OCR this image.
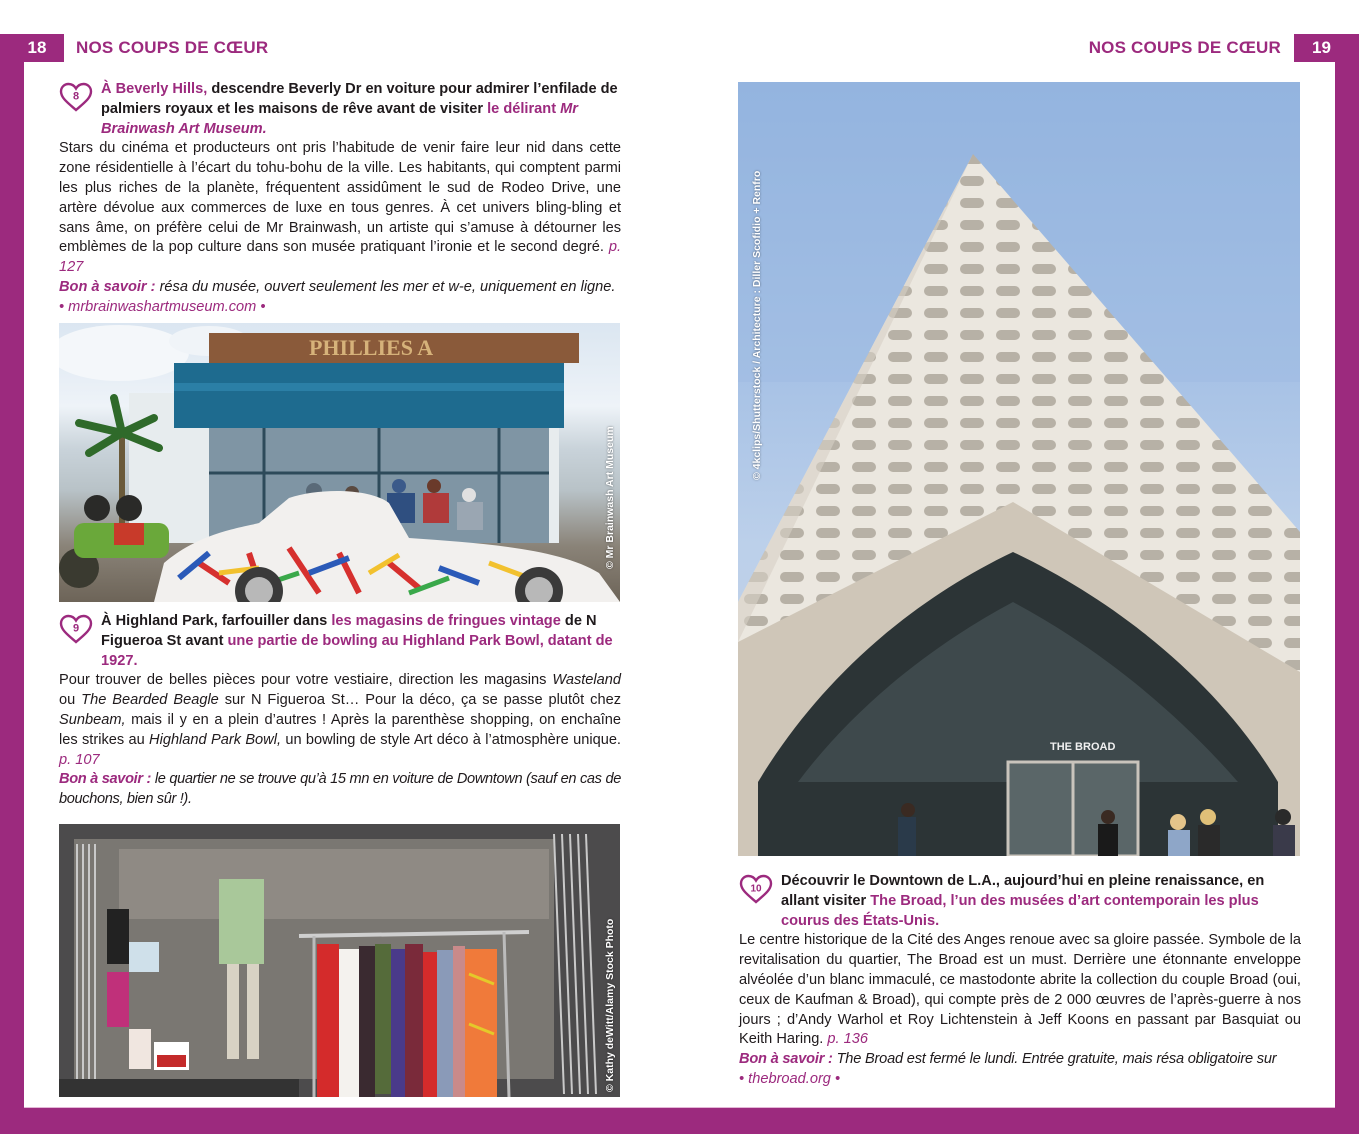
18	NOS COUPS DE CŒUR	NOS COUPS DE CŒUR	19
8 À Beverly Hills, descendre Beverly Dr en voiture pour admirer l’enfilade de palmiers royaux et les maisons de rêve avant de visiter le délirant Mr Brainwash Art Museum.
Stars du cinéma et producteurs ont pris l’habitude de venir faire leur nid dans cette zone résidentielle à l’écart du tohu-bohu de la ville. Les habitants, qui comptent parmi les plus riches de la planète, fréquentent assidûment le sud de Rodeo Drive, une artère dévolue aux commerces de luxe en tous genres. À cet univers bling-bling et sans âme, on préfère celui de Mr Brainwash, un artiste qui s’amuse à détourner les emblèmes de la pop culture dans son musée pratiquant l’ironie et le second degré. p. 127
Bon à savoir : résa du musée, ouvert seulement les mer et w-e, uniquement en ligne.
• mrbrainwashartmuseum.com •
PHILLIES A
© Mr Brainwash Art Museum
9 À Highland Park, farfouiller dans les magasins de fringues vintage de N Figueroa St avant une partie de bowling au Highland Park Bowl, datant de 1927.
Pour trouver de belles pièces pour votre vestiaire, direction les magasins Wasteland ou The Bearded Beagle sur N Figueroa St… Pour la déco, ça se passe plutôt chez Sunbeam, mais il y en a plein d’autres ! Après la parenthèse shopping, on enchaîne les strikes au Highland Park Bowl, un bowling de style Art déco à l’atmosphère unique. p. 107
Bon à savoir : le quartier ne se trouve qu’à 15 mn en voiture de Downtown (sauf en cas de bouchons, bien sûr !).
© Kathy deWitt/Alamy Stock Photo
THE BROAD
© 4kclips/Shutterstock / Architecture : Diller Scofidio + Renfro
10 Découvrir le Downtown de L.A., aujourd’hui en pleine renaissance, en allant visiter The Broad, l’un des musées d’art contemporain les plus courus des États-Unis.
Le centre historique de la Cité des Anges renoue avec sa gloire passée. Symbole de la revitalisation du quartier, The Broad est un must. Derrière une étonnante enveloppe alvéolée d’un blanc immaculé, ce mastodonte abrite la collection du couple Broad (oui, ceux de Kaufman & Broad), qui compte près de 2 000 œuvres de l’après-guerre à nos jours ; d’Andy Warhol et Roy Lichtenstein à Jeff Koons en passant par Basquiat ou Keith Haring. p. 136
Bon à savoir : The Broad est fermé le lundi. Entrée gratuite, mais résa obligatoire sur
• thebroad.org •
